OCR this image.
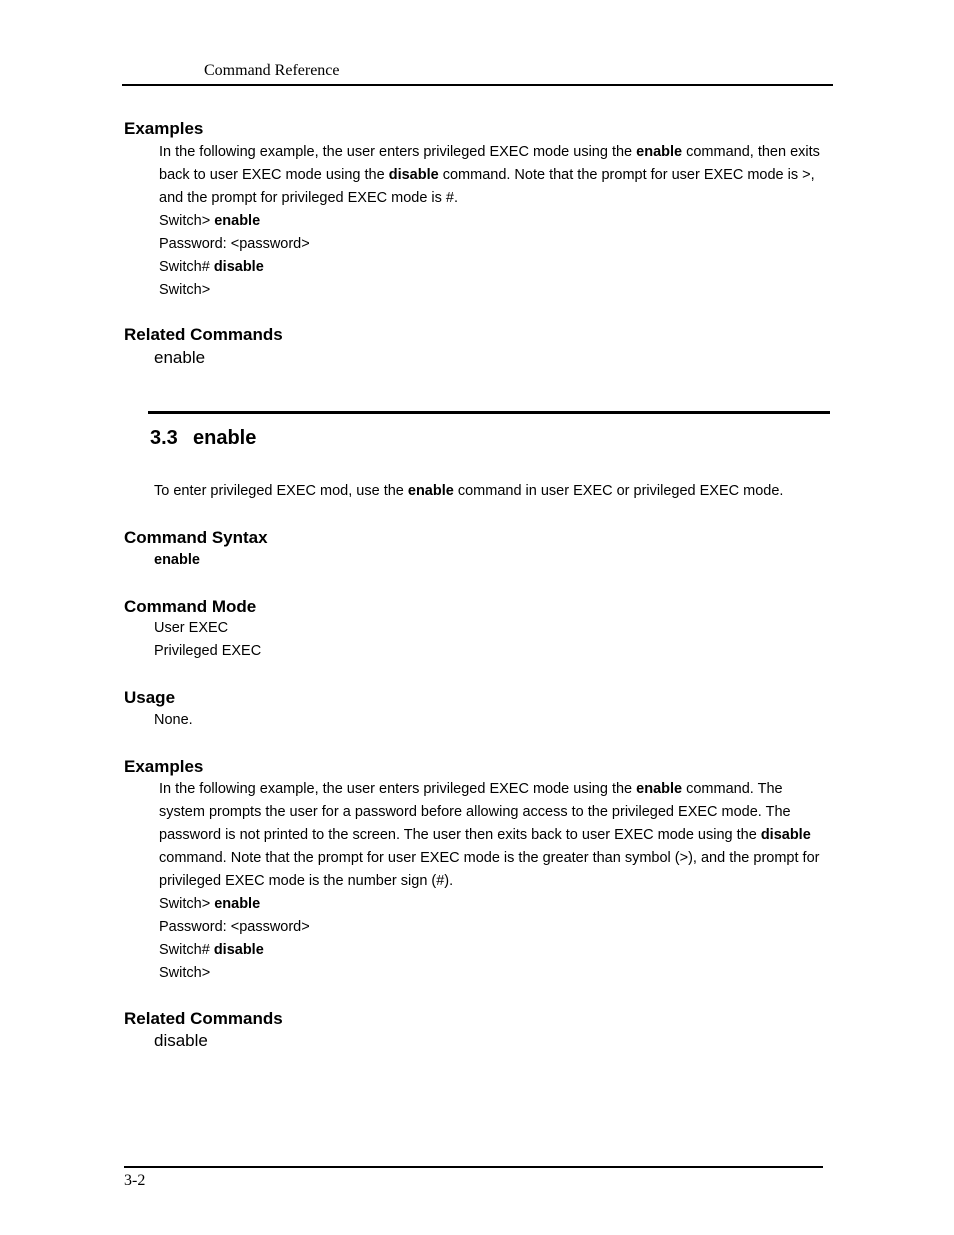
Command Reference
Examples
In the following example, the user enters privileged EXEC mode using the enable command, then exits
back to user EXEC mode using the disable command. Note that the prompt for user EXEC mode is >,
and the prompt for privileged EXEC mode is #.
Switch> enable
Password: <password>
Switch# disable
Switch>
Related Commands
enable
3.3 enable
To enter privileged EXEC mod, use the enable command in user EXEC or privileged EXEC mode.
Command Syntax
enable
Command Mode
User EXEC
Privileged EXEC
Usage
None.
Examples
In the following example, the user enters privileged EXEC mode using the enable command. The
system prompts the user for a password before allowing access to the privileged EXEC mode. The
password is not printed to the screen. The user then exits back to user EXEC mode using the disable
command. Note that the prompt for user EXEC mode is the greater than symbol (>), and the prompt for
privileged EXEC mode is the number sign (#).
Switch> enable
Password: <password>
Switch# disable
Switch>
Related Commands
disable
3-2
